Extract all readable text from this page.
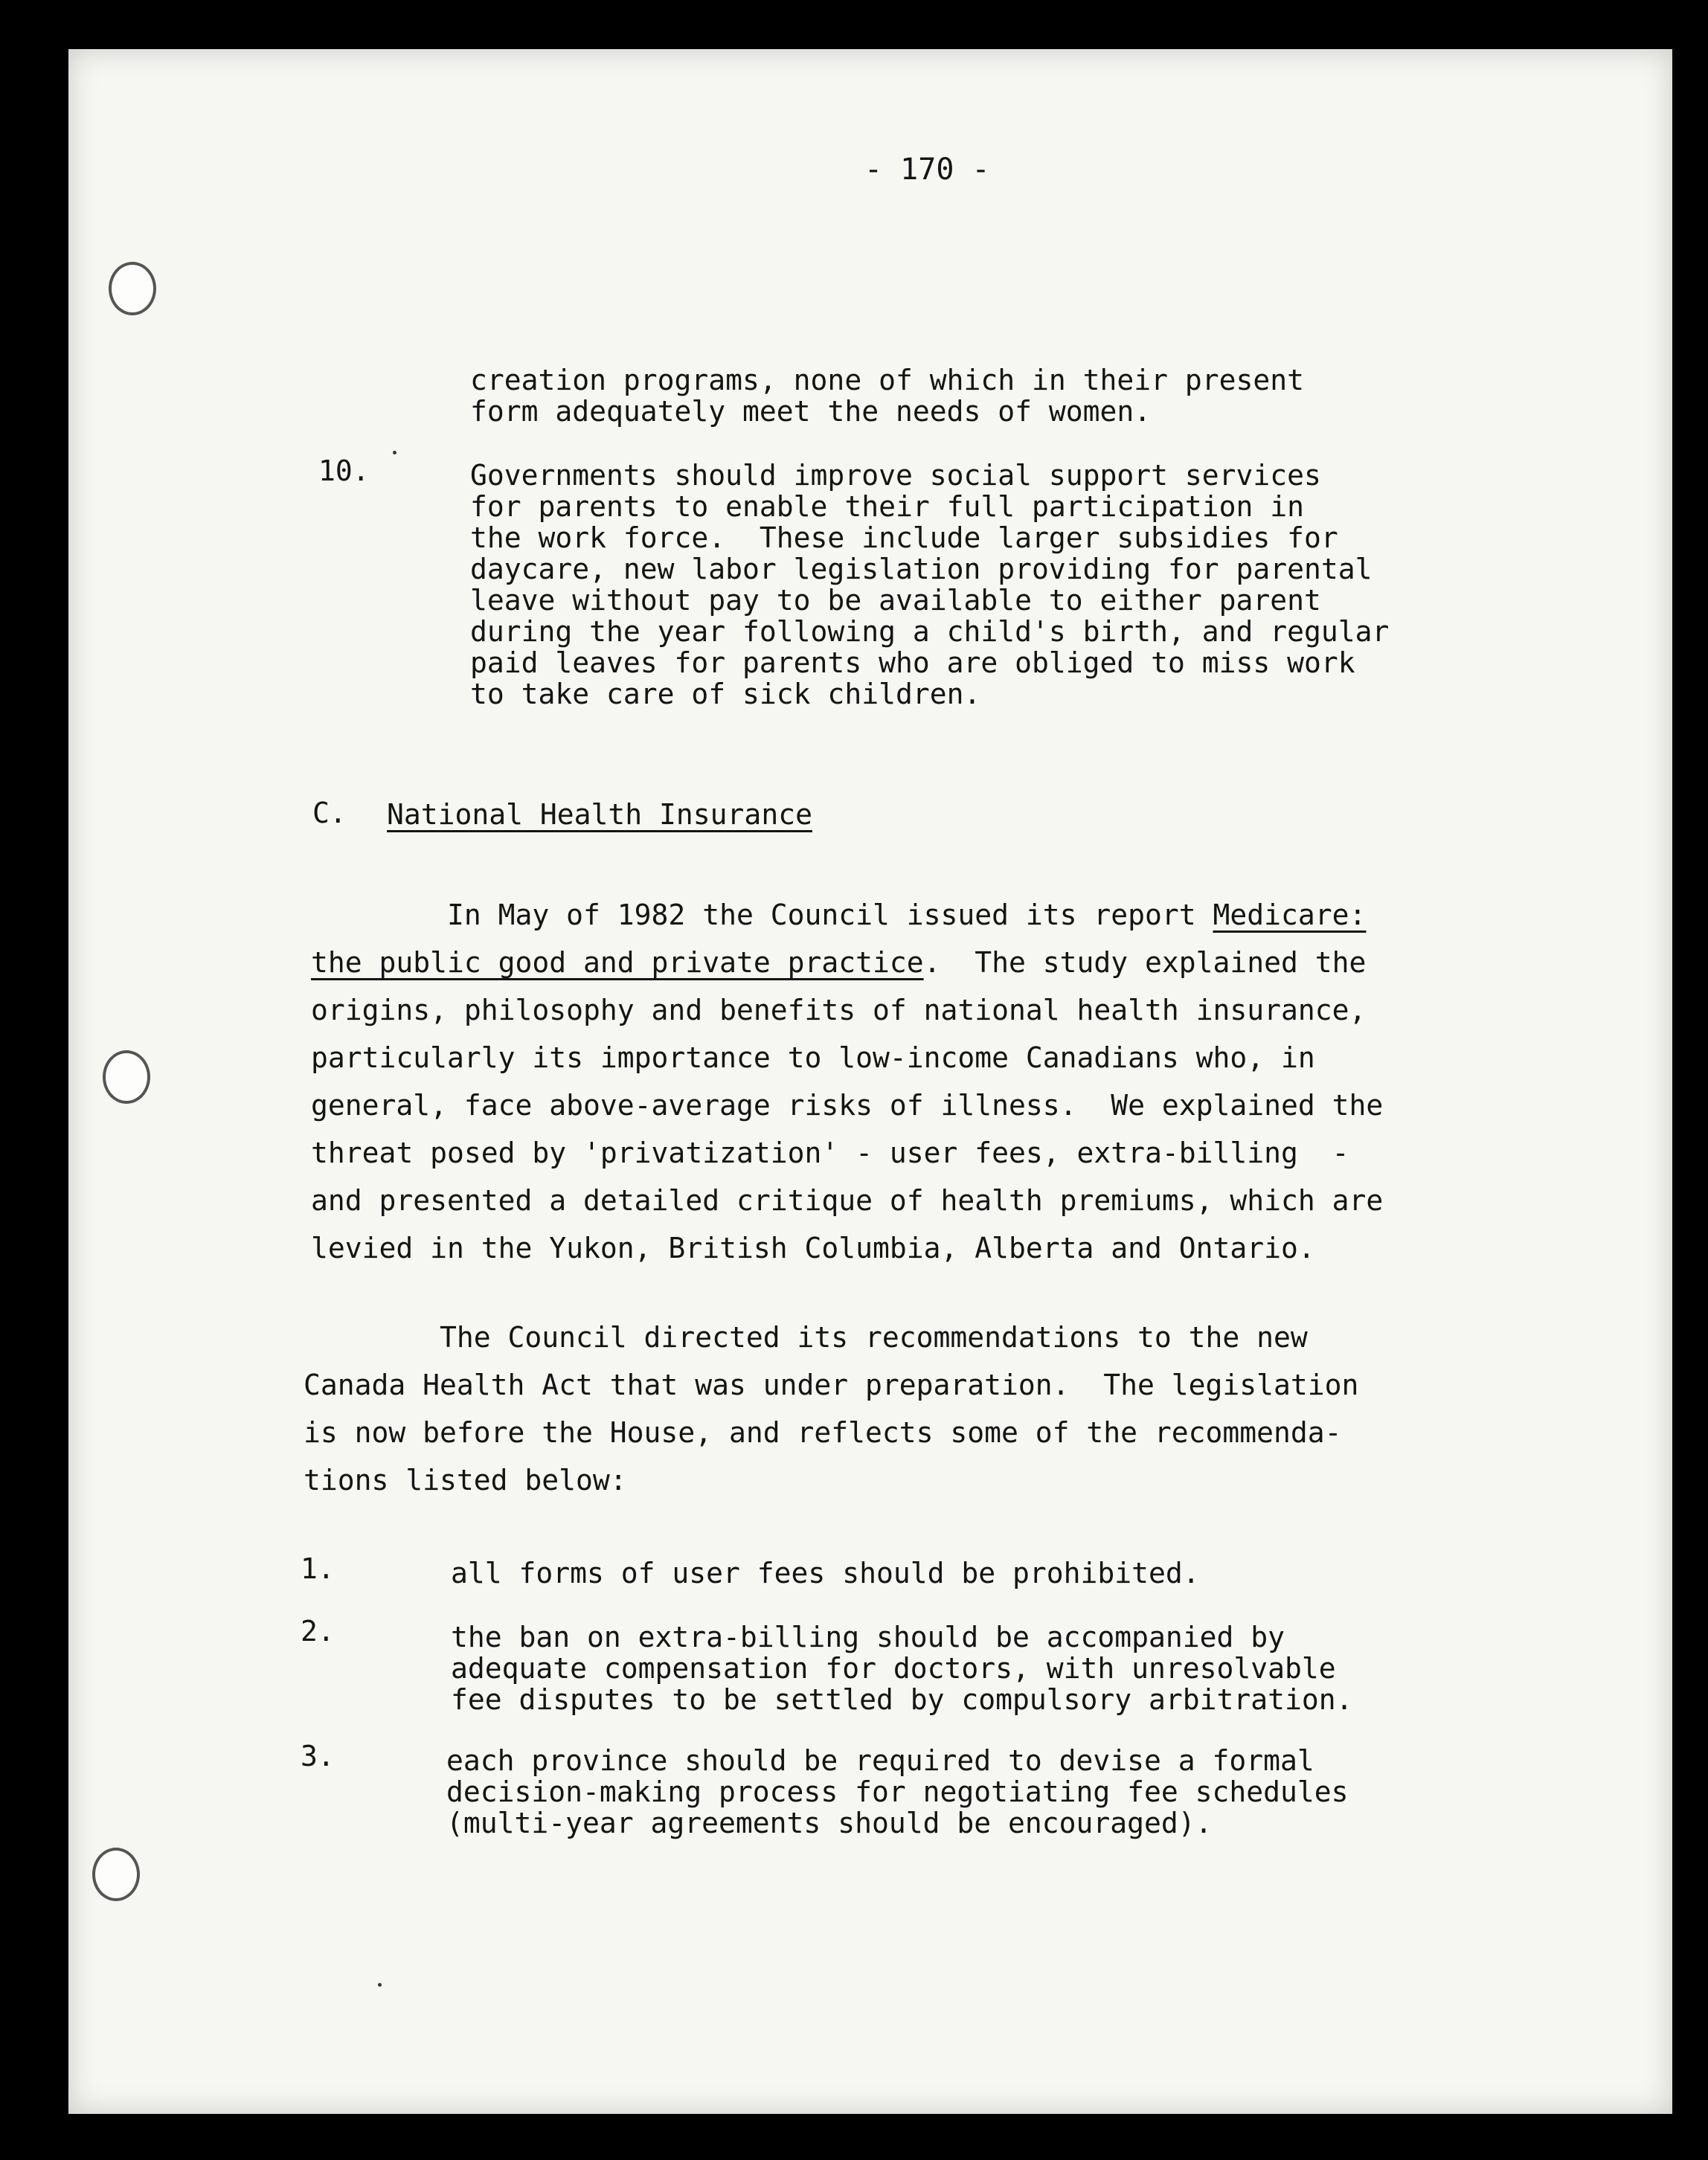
- 170 -
creation programs, none of which in their present
form adequately meet the needs of women.
10.	Governments should improve social support services
for parents to enable their full participation in
the work force.  These include larger subsidies for
daycare, new labor legislation providing for parental
leave without pay to be available to either parent
during the year following a child's birth, and regular
paid leaves for parents who are obliged to miss work
to take care of sick children.
C. National Health Insurance
In May of 1982 the Council issued its report Medicare:
the public good and private practice.  The study explained the
origins, philosophy and benefits of national health insurance,
particularly its importance to low-income Canadians who, in
general, face above-average risks of illness.  We explained the
threat posed by 'privatization' - user fees, extra-billing  -
and presented a detailed critique of health premiums, which are
levied in the Yukon, British Columbia, Alberta and Ontario.
The Council directed its recommendations to the new
Canada Health Act that was under preparation.  The legislation
is now before the House, and reflects some of the recommenda-
tions listed below:
1.	all forms of user fees should be prohibited.
2.	the ban on extra-billing should be accompanied by
adequate compensation for doctors, with unresolvable
fee disputes to be settled by compulsory arbitration.
3.	each province should be required to devise a formal
decision-making process for negotiating fee schedules
(multi-year agreements should be encouraged).
